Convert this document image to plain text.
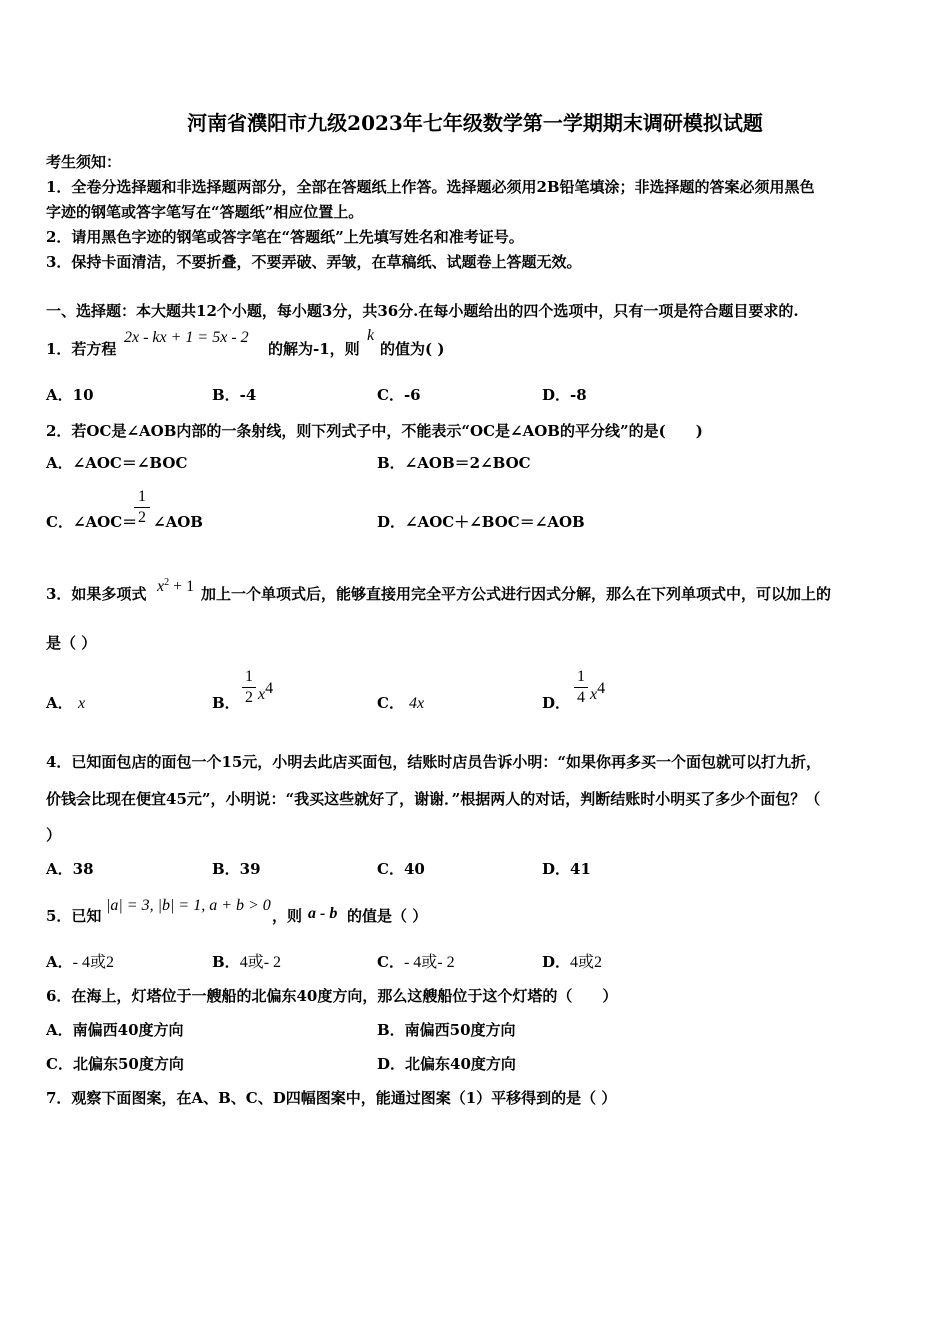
河南省濮阳市九级2023年七年级数学第一学期期末调研模拟试题
考生须知：
1．全卷分选择题和非选择题两部分，全部在答题纸上作答。选择题必须用2B铅笔填涂；非选择题的答案必须用黑色
字迹的钢笔或答字笔写在“答题纸”相应位置上。
2．请用黑色字迹的钢笔或答字笔在“答题纸”上先填写姓名和准考证号。
3．保持卡面清洁，不要折叠，不要弄破、弄皱，在草稿纸、试题卷上答题无效。
一、选择题：本大题共12个小题，每小题3分，共36分.在每小题给出的四个选项中，只有一项是符合题目要求的.
1．若方程
2x - kx + 1 = 5x - 2
的解为-1，则
k
的值为( )
A．10	B．-4	C．-6	D．-8
2．若OC是∠AOB内部的一条射线，则下列式子中，不能表示“OC是∠AOB的平分线”的是(　　)
A．∠AOC＝∠BOC	B．∠AOB＝2∠BOC
C．∠AOC＝
1
2 ∠AOB	D．∠AOC＋∠BOC＝∠AOB
3．如果多项式 $x^2 + 1$ 加上一个单项式后，能够直接用完全平方公式进行因式分解，那么在下列单项式中，可以加上的
是（ ）
A． x	B．
1
2 $x^4$
C． 4x	D．
1
4 $x^4$
4．已知面包店的面包一个15元，小明去此店买面包，结账时店员告诉小明：“如果你再多买一个面包就可以打九折，
价钱会比现在便宜45元”，小明说：“我买这些就好了，谢谢．”根据两人的对话，判断结账时小明买了多少个面包？（
）
A．38	B．39	C．40	D．41
5．已知
|a| = 3, |b| = 1, a + b > 0
，则 a - b 的值是（ ）
A．- 4或2	B．4或- 2	C．- 4或- 2	D．4或2
6．在海上，灯塔位于一艘船的北偏东40度方向，那么这艘船位于这个灯塔的（　　）
A．南偏西40度方向	B．南偏西50度方向
C．北偏东50度方向	D．北偏东40度方向
7．观察下面图案，在A、B、C、D四幅图案中，能通过图案（1）平移得到的是（ ）
